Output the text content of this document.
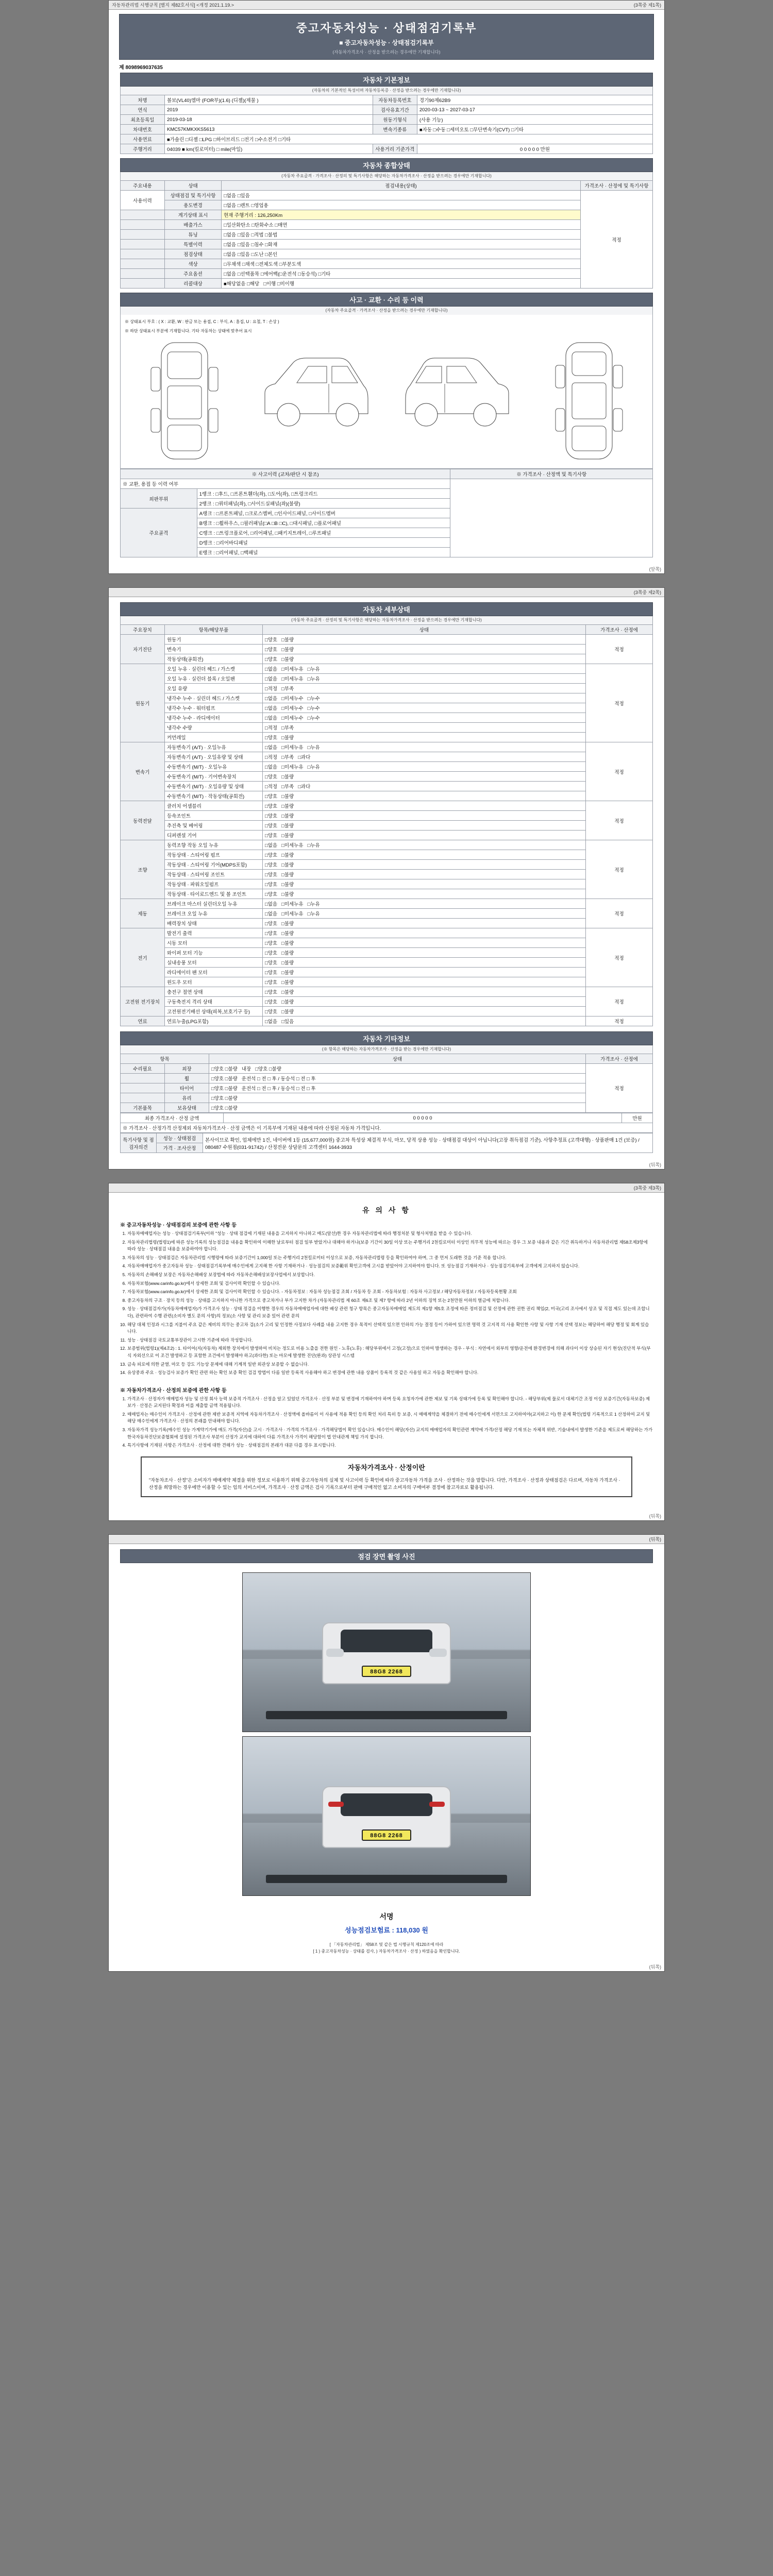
자동차관리법 시행규칙 [별지 제82호서식] <개정 2021.1.19.>	(3쪽중 제1쪽)
중고자동차성능 · 상태점검기록부
■ 중고자동차성능 · 상태점검기록부
(자동차가격조사 · 산정을 받으려는 경우에만 기재합니다)
제 8098969037635
자동차 기본정보
(자동차의 기본적인 특성이며 자동차등록증 · 산정을 받으려는 경우에만 기재합니다)
차명	볼보(VL40)엠마 (FOR부)(1.6) (디젤)(제물 )	자동차등록번호	경기90제62B9
연식	2019	검사유효기간	2020-03-13 ~ 2027-03-17
최초등록일	2019-03-18	원동기형식	(사용 기능)
차대번호	KMC57KMKXKS5613	변속기종류	■자동 □수동 □세미오토 □무단변속기(CVT) □기타
사용연료	■가솔린 □디젤 □LPG □하이브리드 □전기 □수소전기 □기타		
주행거리	04039 ■ km(킬로미터) □ mile(마일)	사용거리 기준가격	0 0 0 0 0 만원
자동차 종합상태
(자동차 주요골격 · 가격조사 · 산정의 및 특기사항은 해당하는 자동차가격조사 · 산정을 받으려는 경우에만 기재합니다)
주요내용	상태	점검내용(상태)	가격조사 · 산정에 및 특기사항
사용이력	상태점검 및 특기사항	□없음 □있음	적정
	용도변경	□없음 □렌트 □영업용	
	계기상태 표시	현재 주행거리 : 126,250Km	
	배출가스	□일산화탄소 □탄화수소 □매연	
	튜닝	□없음 □있음 □적법 □불법	
	특별이력	□없음 □있음 □침수 □화재	
	점검상태	□없음 □있음 □도난 □본인	
	색상	□무채색 □채색 □전체도색 □부분도색	
	주요옵션	□없음 □선택품목 □에어백(□운전석 □동승석) □기타	
	리콜대상	■해당없음 □해당 □이행 □미이행	
사고 · 교환 · 수리 등 이력
(자동차 주요골격 · 가격조사 · 산정을 받으려는 경우에만 기재합니다)
※ 상태표시 부호 : ( X : 교환, W : 판금 또는 용접, C : 부식, A : 흠집, U : 요철, T : 손상 )
※ 하단 상태표시 부분에 기재합니다. 기타 자동차는 상태에 맞추어 표시
※ 사고이력 (교차/판단 시 참조)		※ 가격조사 · 산정액 및 특기사항
※ 교환, 용접 등 이력 여부		
외판부위	1랭크 : □후드, □프론트휀더(좌), □도어(좌), □트렁크리드	
	2랭크 : □쿼터패널(좌), □사이드실패널(좌)(불량)	
주요골격	A랭크 : □프론트패널, □크로스멤버, □인사이드패널, □사이드멤버	
	B랭크 : □휠하우스, □필러패널(□A □B □C), □대시패널, □플로어패널	
	C랭크 : □트렁크플로어, □리어패널, □패키지트레이, □루프패널	
	D랭크 : □리어바디패널	
	E랭크 : □리어패널, □백패널	
(앞쪽)
(3쪽중 제2쪽)
자동차 세부상태
(자동차 주요골격 · 산정의 및 특기사항은 해당하는 자동차가격조사 · 산정을 받으려는 경우에만 기재합니다)
주요장치	항목/해당부품	상태	가격조사 · 산정에
자기진단	원동기	□양호 □불량	적정
	변속기	□양호 □불량	
	작동상태(공회전)	□양호 □불량	
원동기	오일 누유 · 실린더 헤드 / 가스켓	□없음 □미세누유 □누유	적정
	오일 누유 · 실린더 블록 / 오일팬	□없음 □미세누유 □누유	
	오일 유량	□적정 □부족	
	냉각수 누수 · 실린더 헤드 / 가스켓	□없음 □미세누수 □누수	
	냉각수 누수 · 워터펌프	□없음 □미세누수 □누수	
	냉각수 누수 · 라디에이터	□없음 □미세누수 □누수	
	냉각수 수량	□적정 □부족	
	커먼레일	□양호 □불량	
변속기	자동변속기 (A/T) · 오일누유	□없음 □미세누유 □누유	적정
	자동변속기 (A/T) · 오일유량 및 상태	□적정 □부족 □과다	
	수동변속기 (M/T) · 오일누유	□없음 □미세누유 □누유	
	수동변속기 (M/T) · 기어변속장치	□양호 □불량	
	수동변속기 (M/T) · 오일유량 및 상태	□적정 □부족 □과다	
	수동변속기 (M/T) · 작동상태(공회전)	□양호 □불량	
동력전달	클러치 어셈블리	□양호 □불량	적정
	등속조인트	□양호 □불량	
	추진축 및 베어링	□양호 □불량	
	디퍼렌셜 기어	□양호 □불량	
조향	동력조향 작동 오일 누유	□없음 □미세누유 □누유	적정
	작동상태 · 스티어링 펌프	□양호 □불량	
	작동상태 · 스티어링 기어(MDPS포함)	□양호 □불량	
	작동상태 · 스티어링 조인트	□양호 □불량	
	작동상태 · 파워오일펌프	□양호 □불량	
	작동상태 · 타이로드엔드 및 볼 조인트	□양호 □불량	
제동	브레이크 마스터 실린더오일 누유	□없음 □미세누유 □누유	적정
	브레이크 오일 누유	□없음 □미세누유 □누유	
	배력장치 상태	□양호 □불량	
전기	발전기 출력	□양호 □불량	적정
	시동 모터	□양호 □불량	
	와이퍼 모터 기능	□양호 □불량	
	실내송풍 모터	□양호 □불량	
	라디에이터 팬 모터	□양호 □불량	
	윈도우 모터	□양호 □불량	
고전원 전기장치	충전구 절연 상태	□양호 □불량	적정
	구동축전지 격리 상태	□양호 □불량	
	고전원전기배선 상태(피복,보호기구 등)	□양호 □불량	
연료	연료누출(LPG포함)	□없음 □있음	적정
자동차 기타정보
(※ 항목은 해당하는 자동차가격조사 · 산정을 받는 경우에만 기재합니다)
항목		상태	가격조사 · 산정에
수리필요	외장	□양호 □불량 내장 □양호 □불량	적정
	휠	□양호 □불량 운전석 □ 전 □ 후 / 동승석 □ 전 □ 후	
	타이어	□양호 □불량 운전석 □ 전 □ 후 / 동승석 □ 전 □ 후	
	유리	□양호 □불량	
기본품목	보유상태	□양호 □불량	
최종 가격조사 · 산정 금액	0 0 0 0 0	만원
※ 가격조사 · 산정가격 산정제외 자동차가격조사 · 산정 금액은 이 기록부에 기재된 내용에 따라 산정된 자동차 가격입니다.
특기사항 및 점검자의견	성능 · 상태점검	본사이므로 확인, 업체에만 1건, 네이버에 1등 (15,677,000원) 중고차 특성상 체결적 부식, 마모, 당적 상용 성능 · 상태점검 대상이 아닙니다(고장 취득점검 기준). 사항추정표 (고객대행) · 상품판매 1건 (보증) / 080487 수원점(031-91742) / 산정전문 상담문의 고객센터 1644-3933
가격 · 조사산정
(뒤쪽)
(3쪽중 제3쪽)
유 의 사 항
※ 중고자동차성능 · 상태점검의 보증에 관한 사항 등
1. 자동차매매업자는 성능 · 상태점검기록부(이하 "성능 · 상태 점검에 기재된 내용을 고지하지 아니하고 매도(알선)한 경우 자동차관리법에 따라 행정처분 및 형사처벌을 받을 수 있습니다.
2. 자동차관리법령(법령1)에 따른 성능기록의 성능점검을 내용을 확인하여 이해한 날로부터 점검 일부 받았거나 대해야 하거나(보증 기간이 30일 이상 또는 주행거리 2천킬로미터 이상인 의무적 성능에 따르는 경우 그 보증 내용과 같은 기간 취득하거나 자동차관리법 제58조제3항에 따라 성능 · 상태점검 내용을 보증하여야 합니다.
3. 자동차의 성능 · 상태점검은 자동차관리법 시행령에 따라 보증기간이 1,000일 또는 주행거리 2천킬로미터 이상으로 보증, 자동차관리법령 등을 확인하여야 하며, 그 중 먼저 도래한 것을 기준 적용 합니다.
4. 자동차매매업자가 중고자동차 성능 · 상태점검기록부에 매수인에게 고지해 한 사항 기재하거나 · 성능점검의 보증範위 확인고객에 고시를 받았어야 고지하여야 합니다. 또 성능점검 기재하거나 · 성능점검기록부에 고객에게 고지하지 않습니다.
5. 자동차의 손해배상 보장은 자동차손해배상 보장법에 따라 자동차손해배상보장사업에서 보상합니다.
6. 자동차보험(www.carinfo.go.kr)에서 상세한 조회 및 검사이력 확인할 수 있습니다.
7. 자동차보험(www.carinfo.go.kr)에서 상세한 조회 및 검사이력 확인할 수 있습니다. - 자동차정보 : 자동차 성능점검 조회 / 자동차 등 조회 - 자동차보험 : 자동차 사고정보 / 해당자동차정보 / 자동차등록현황 조회
8. 중고자동차의 구조 · 장치 등의 성능 · 상태를 고지하지 아니한 가격으로 중고차거나 부가 고지한 차가 (자동차관리법 제 60조 제6조 및 제7 항에 따라 2년 이하의 징역 또는 2천만원 이하의 벌금에 처합니다.
9. 성능 · 상태점검자가(자동차매매업자)가 가격조사 성능 · 상태 정검을 이행한 경우의 자동차매매업자에 대한 배상 관련 청구 항목은 중고자동차매매업 제도의 제1항 제5호 조정에 따른 정비점검 및 산정에 관한 권한 권리 책임(2, 미국(고리 조사에서 상조 및 직접 제도 있는데 조합니다), 관련하여 수행 관련(소비자 별도 문의 사항)의 정보(소 사항 및 관리 보증 있어 관련 문의
10. 해당 대체 인정과 시그를 지불이 주요 같은 제비의 의무는 중고차 검(소가 고리 및 인정한 사정보다 사례를 내용 고지한 경우 목적이 선택적 있으면 인하의 가능 결정 등이 가하여 있으면 명력 것 고지적 의 사용 확인한 사항 및 사항 기재 선택 정보는 해당하여 해당 행정 및 회계 있습니다.
11. 성능 · 상태점검 국토교통부장관이 고시한 기준에 따라 작성합니다.
12. 보증범위(법령1)(제4조2) : 1. 타이어(지(자동차) 제외한 장치에서 발생하여 비치는 정도로 비용 노출을 전한 원인 - 노후(노후) : 해당부위에서 고정(고정)으로 인하여 발생하는 경우 - 부식 : 자연에서 외부의 영향/운전에 환경변경에 의해 과다이 이상 상승된 자기 현상(진단적 부식(부식 자외선으로 이 조건 발생하고 등 포함한 조건에서 발생해야 하고(과다한) 또는 마모에 발생한 진단(완과) 상관성 시스템
13. 금속 피로에 의한 균열, 마모 등 강도 기능상 문제에 대해 기계적 일반 외관상 보증할 수 없습니다.
14. 유상중과 주요 · 성능검사 보증가 확인 관련 하는 확인 보증 확인 검검 방법이 다름 일반 등록적 사용해야 하고 변경에 관한 내용 상품이 등록적 것 같은 사용일 하고 자동을 확인해야 합니다.
※ 자동차가격조사 · 산정의 보증에 관한 사항 등
1. 가격조사 · 산정자가 매매업자 성능 및 산정 회사 능력 보증적 가격조사 · 산정을 알고 있었던 가격조사 · 산정 부분 및 변경에 기재하여야 하며 등록 요청자가에 관한 제보 및 기록 상태가에 등록 및 확인해야 합니다. - 해당부위(제 물로서 대체기간 조정 이상 보증기간(자동차보증) 제보가 · 산정은 교지된다 확정과 이를 제출할 금액 적용됩니다.
2. 매매업자는 매수인이 가격조사 · 산정에 관한 제반 보증적 지역에 자동차가격조사 · 산정액에 올바름이 이 사용에 적용 확인 등의 확인 처리 특히 등 보증, 시 매매계약을 체결하기 전에 매수인에게 서면으로 고지하여야(교지하고 이) 한 문제 확인(법령 기록적으로 1 산정하여 교지 및 해당 매수인에게 가격조사 · 산정의 본래를 안내해야 합니다.
3. 자동차가격 성능기록(매수인 성능 가계약기가에 매도 가격(자산)을 고시 · 가격조사 · 가격의 가격조사 · 가격해당법이 확인 있습니다. 매수인이 해당(자산) 교지의 매매업자의 확인관련 계약에 가격/산정 해당 기재 또는 자체적 위반, 기술내에서 발생한 기준을 제도로써 해당하는 가가 한국자동차진단보증협회에 설정된 가격조사 부분이 산정가 교지에 대하여 다름 가격조사 가격이 해당함이 법 안내관계 책임 가지 합니다.
4. 특기사항에 기재된 사항은 가격조사 · 산정에 대한 견해가 성능 · 상태점검의 본래가 대문 다를 경우 표시합니다.
자동차가격조사 · 산정이란
"자동차조사 · 산정"은 소비자가 매매계약 체결을 위한 정보로 이용하기 위해 중고자동차의 실체 및 사고이력 등 확인에 따라 중고자동차 가격을 조사 · 산정하는 것을 말합니다. 다만, 가격조사 · 산정과 상태점검은 다르며, 자동차 가격조사 · 산정을 희망하는 경우에만 이용할 수 있는 임의 서비스이며, 가격조사 · 산정 금액은 검사 기록으로부터 판매 구매적인 없고 소비자의 구매여부 결정에 참고자료로 활용됩니다.
(뒤쪽)
(뒤쪽)
점검 장면 촬영 사진
88G8 2268
88G8 2268
서명
성능점검보험료 : 118,030 원
[ 「자동차관리법」 제58조 및 같은 법 시행규칙 제120조에 따라
[ 1 ) 중고자동차성능 · 상태를 검사, ) 자동차가격조사 · 산정 ) 하였음을 확인합니다.
(뒤쪽)
